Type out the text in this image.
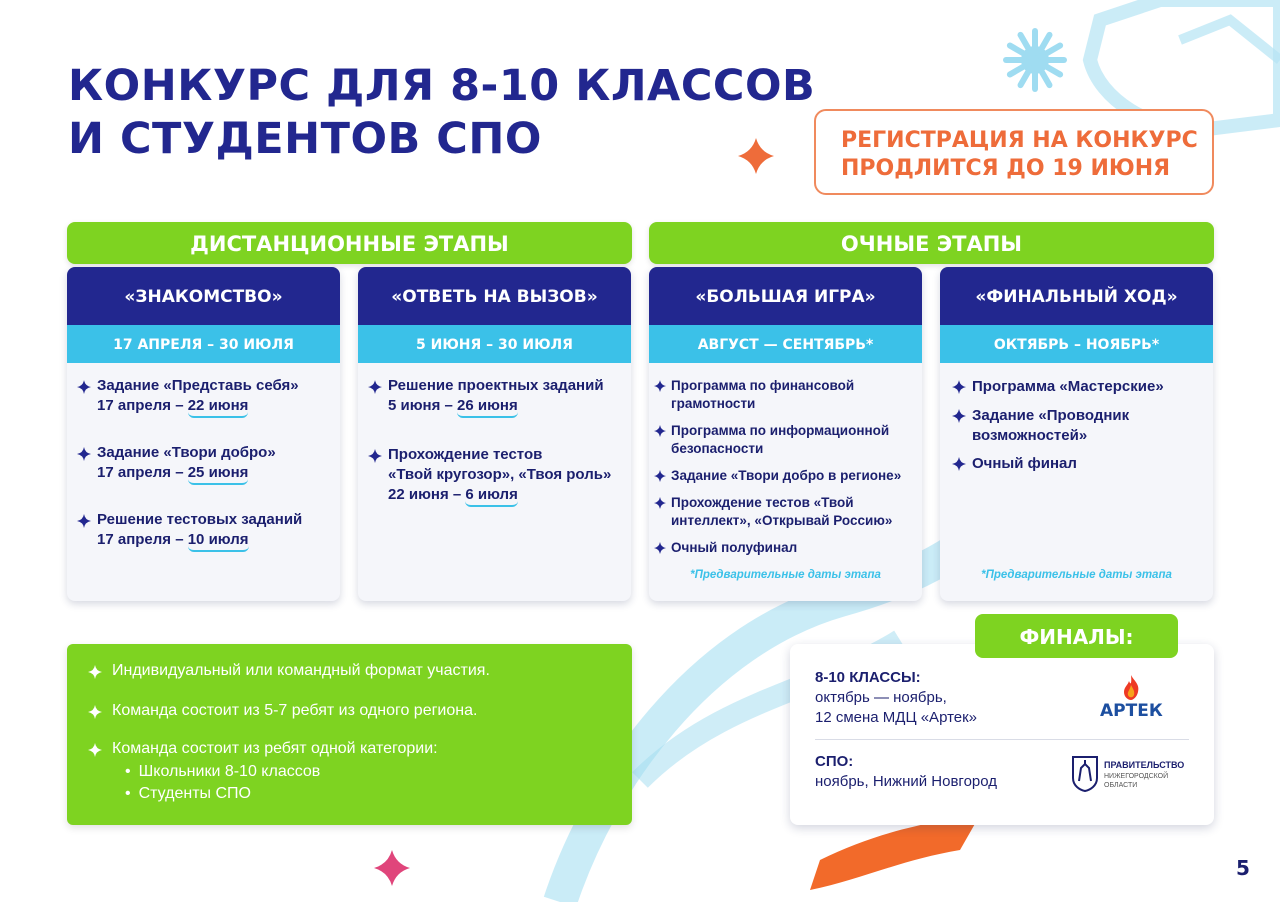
КОНКУРС ДЛЯ 8-10 КЛАССОВ
И СТУДЕНТОВ СПО	РЕГИСТРАЦИЯ НА КОНКУРС
ПРОДЛИТСЯ ДО 19 ИЮНЯ
ДИСТАНЦИОННЫЕ ЭТАПЫ	ОЧНЫЕ ЭТАПЫ
«ЗНАКОМСТВО»
17 АПРЕЛЯ – 30 ИЮЛЯ
Задание «Представь себя»
17 апреля – 22 июня
Задание «Твори добро»
17 апреля – 25 июня
Решение тестовых заданий
17 апреля – 10 июля
«ОТВЕТЬ НА ВЫЗОВ»
5 ИЮНЯ – 30 ИЮЛЯ
Решение проектных заданий
5 июня – 26 июня
Прохождение тестов
«Твой кругозор», «Твоя роль»
22 июня – 6 июля
«БОЛЬШАЯ ИГРА»
АВГУСТ — СЕНТЯБРЬ*
Программа по финансовой
грамотности
Программа по информационной
безопасности
Задание «Твори добро в регионе»
Прохождение тестов «Твой
интеллект», «Открывай Россию»
Очный полуфинал
*Предварительные даты этапа
«ФИНАЛЬНЫЙ ХОД»
ОКТЯБРЬ – НОЯБРЬ*
Программа «Мастерские»
Задание «Проводник
возможностей»
Очный финал
*Предварительные даты этапа
Индивидуальный или командный формат участия.
Команда состоит из 5-7 ребят из одного региона.
Команда состоит из ребят одной категории:
• Школьники 8-10 классов
• Студенты СПО
8-10 КЛАССЫ:
октябрь — ноябрь,
12 смена МДЦ «Артек»
СПО:
ноябрь, Нижний Новгород
ФИНАЛЫ:
АРТЕК
ПРАВИТЕЛЬСТВО
НИЖЕГОРОДСКОЙ
ОБЛАСТИ
5
